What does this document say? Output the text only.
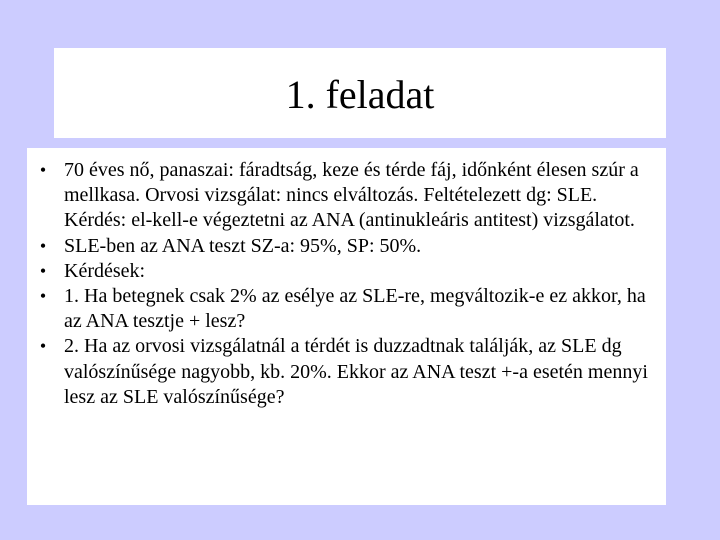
1. feladat
• 70 éves nő, panaszai: fáradtság, keze és térde fáj, időnként élesen szúr a mellkasa. Orvosi vizsgálat: nincs elváltozás. Feltételezett dg: SLE. Kérdés: el-kell-e végeztetni az ANA (antinukleáris antitest) vizsgálatot.
• SLE-ben az ANA teszt SZ-a: 95%, SP: 50%.
• Kérdések:
• 1. Ha betegnek csak 2% az esélye az SLE-re, megváltozik-e ez akkor, ha az ANA tesztje + lesz?
• 2. Ha az orvosi vizsgálatnál a térdét is duzzadtnak találják, az SLE dg valószínűsége nagyobb, kb. 20%. Ekkor az ANA teszt +-a esetén mennyi lesz az SLE valószínűsége?
